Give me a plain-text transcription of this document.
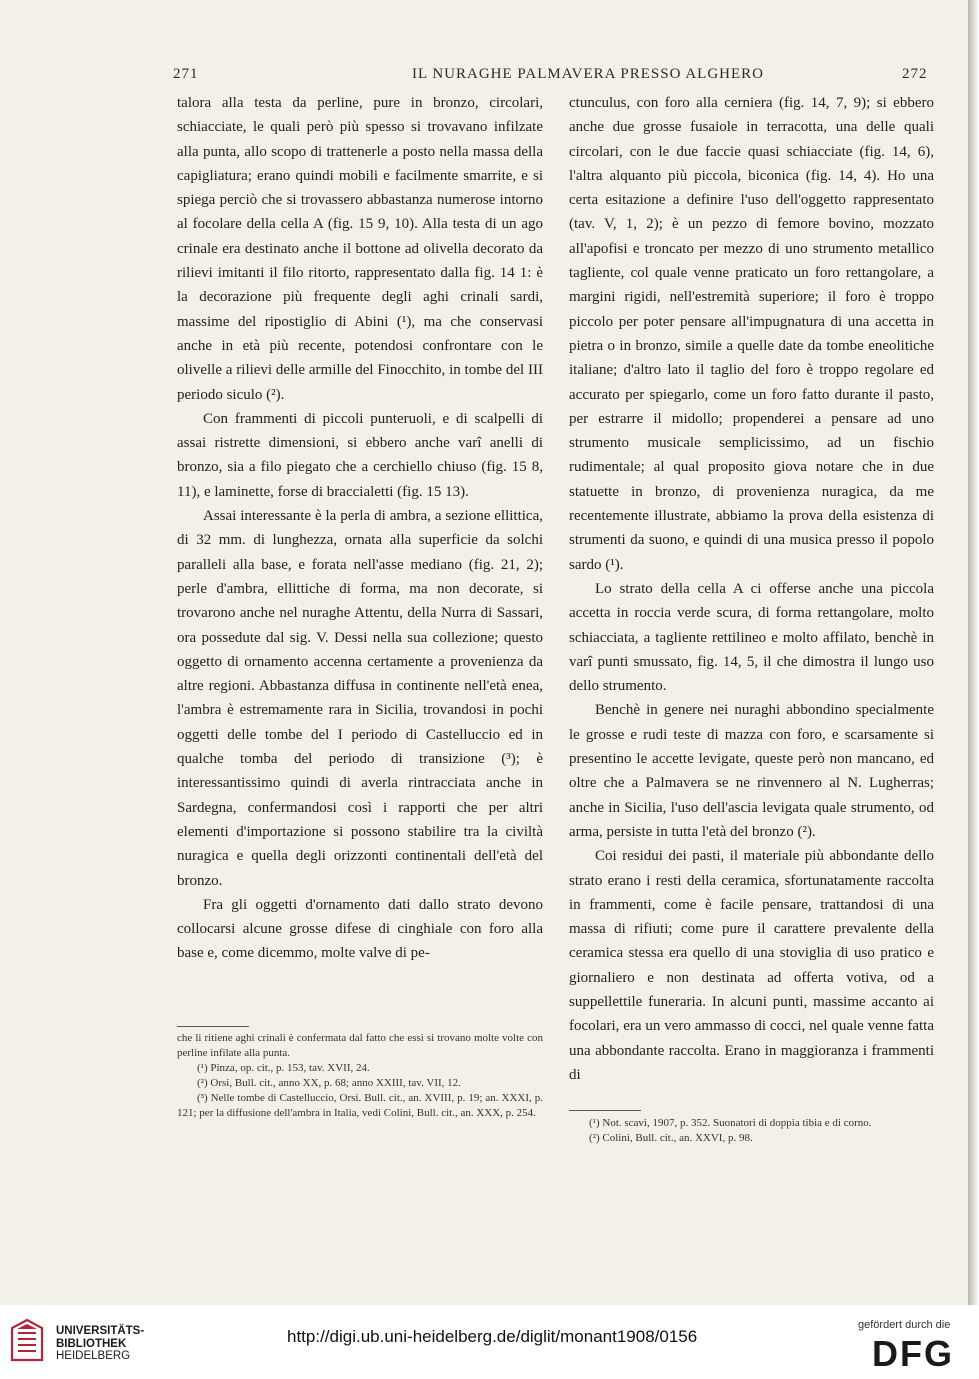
271	IL NURAGHE PALMAVERA PRESSO ALGHERO	272

talora alla testa da perline, pure in bronzo, circolari, schiacciate, le quali però più spesso si trovavano infilzate alla punta, allo scopo di trattenerle a posto nella massa della capigliatura; erano quindi mobili e facilmente smarrite, e si spiega perciò che si trovassero abbastanza numerose intorno al focolare della cella A (fig. 15 9, 10). Alla testa di un ago crinale era destinato anche il bottone ad olivella decorato da rilievi imitanti il filo ritorto, rappresentato dalla fig. 14 1: è la decorazione più frequente degli aghi crinali sardi, massime del ripostiglio di Abini (¹), ma che conservasi anche in età più recente, potendosi confrontare con le olivelle a rilievi delle armille del Finocchito, in tombe del III periodo siculo (²).

Con frammenti di piccoli punteruoli, e di scalpelli di assai ristrette dimensioni, si ebbero anche varî anelli di bronzo, sia a filo piegato che a cerchiello chiuso (fig. 15 8, 11), e laminette, forse di braccialetti (fig. 15 13).

Assai interessante è la perla di ambra, a sezione ellittica, di 32 mm. di lunghezza, ornata alla superficie da solchi paralleli alla base, e forata nell'asse mediano (fig. 21, 2); perle d'ambra, ellittiche di forma, ma non decorate, si trovarono anche nel nuraghe Attentu, della Nurra di Sassari, ora possedute dal sig. V. Dessi nella sua collezione; questo oggetto di ornamento accenna certamente a provenienza da altre regioni. Abbastanza diffusa in continente nell'età enea, l'ambra è estremamente rara in Sicilia, trovandosi in pochi oggetti delle tombe del I periodo di Castelluccio ed in qualche tomba del periodo di transizione (³); è interessantissimo quindi di averla rintracciata anche in Sardegna, confermandosi così i rapporti che per altri elementi d'importazione si possono stabilire tra la civiltà nuragica e quella degli orizzonti continentali dell'età del bronzo.

Fra gli oggetti d'ornamento dati dallo strato devono collocarsi alcune grosse difese di cinghiale con foro alla base e, come dicemmo, molte valve di pe-

ctunculus, con foro alla cerniera (fig. 14, 7, 9); si ebbero anche due grosse fusaiole in terracotta, una delle quali circolari, con le due faccie quasi schiacciate (fig. 14, 6), l'altra alquanto più piccola, biconica (fig. 14, 4). Ho una certa esitazione a definire l'uso dell'oggetto rappresentato (tav. V, 1, 2); è un pezzo di femore bovino, mozzato all'apofisi e troncato per mezzo di uno strumento metallico tagliente, col quale venne praticato un foro rettangolare, a margini rigidi, nell'estremità superiore; il foro è troppo piccolo per poter pensare all'impugnatura di una accetta in pietra o in bronzo, simile a quelle date da tombe eneolitiche italiane; d'altro lato il taglio del foro è troppo regolare ed accurato per spiegarlo, come un foro fatto durante il pasto, per estrarre il midollo; propenderei a pensare ad uno strumento musicale semplicissimo, ad un fischio rudimentale; al qual proposito giova notare che in due statuette in bronzo, di provenienza nuragica, da me recentemente illustrate, abbiamo la prova della esistenza di strumenti da suono, e quindi di una musica presso il popolo sardo (¹).

Lo strato della cella A ci offerse anche una piccola accetta in roccia verde scura, di forma rettangolare, molto schiacciata, a tagliente rettilineo e molto affilato, benchè in varî punti smussato, fig. 14, 5, il che dimostra il lungo uso dello strumento.

Benchè in genere nei nuraghi abbondino specialmente le grosse e rudi teste di mazza con foro, e scarsamente si presentino le accette levigate, queste però non mancano, ed oltre che a Palmavera se ne rinvennero al N. Lugherras; anche in Sicilia, l'uso dell'ascia levigata quale strumento, od arma, persiste in tutta l'età del bronzo (²).

Coi residui dei pasti, il materiale più abbondante dello strato erano i resti della ceramica, sfortunatamente raccolta in frammenti, come è facile pensare, trattandosi di una massa di rifiuti; come pure il carattere prevalente della ceramica stessa era quello di una stoviglia di uso pratico e giornaliero e non destinata ad offerta votiva, od a suppellettile funeraria. In alcuni punti, massime accanto ai focolari, era un vero ammasso di cocci, nel quale venne fatta una abbondante raccolta. Erano in maggioranza i frammenti di

che li ritiene aghi crinali è confermata dal fatto che essi si trovano molte volte con perline infilate alla punta.

(¹) Pinza, op. cit., p. 153, tav. XVII, 24.

(²) Orsi, Bull. cit., anno XX, p. 68; anno XXIII, tav. VII, 12.

(³) Nelle tombe di Castelluccio, Orsi. Bull. cit., an. XVIII, p. 19; an. XXXI, p. 121; per la diffusione dell'ambra in Italia, vedi Colini, Bull. cit., an. XXX, p. 254.

(¹) Not. scavi, 1907, p. 352. Suonatori di doppia tibia e di corno.

(²) Colini, Bull. cit., an. XXVI, p. 98.

UNIVERSITÄTS-
BIBLIOTHEK
HEIDELBERG
http://digi.ub.uni-heidelberg.de/diglit/monant1908/0156
gefördert durch die
DFG
